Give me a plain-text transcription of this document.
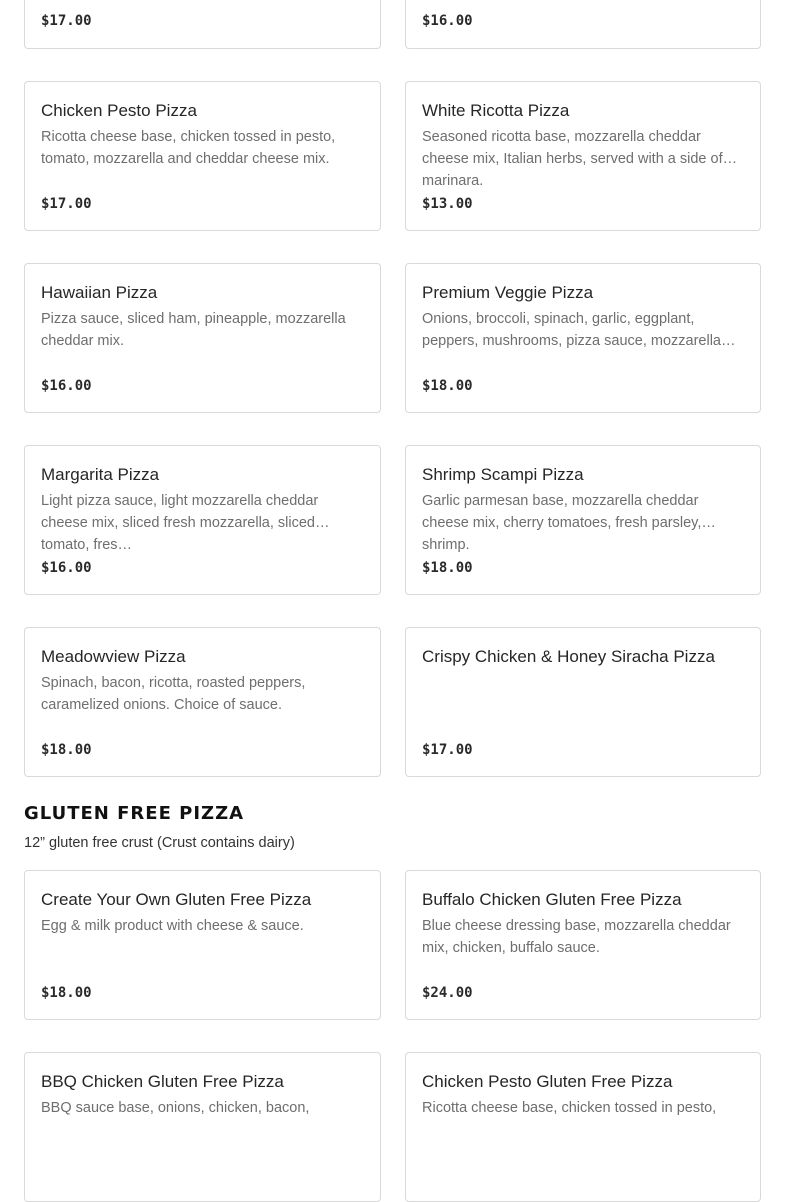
$17.00	$16.00
Chicken Pesto Pizza
Ricotta cheese base, chicken tossed in pesto, tomato, mozzarella and cheddar cheese mix.
$17.00
White Ricotta Pizza
Seasoned ricotta base, mozzarella cheddar cheese mix, Italian herbs, served with a side of marinara.
$13.00
Hawaiian Pizza
Pizza sauce, sliced ham, pineapple, mozzarella cheddar mix.
$16.00
Premium Veggie Pizza
Onions, broccoli, spinach, garlic, eggplant, peppers, mushrooms, pizza sauce, mozzarella…
$18.00
Margarita Pizza
Light pizza sauce, light mozzarella cheddar cheese mix, sliced fresh mozzarella, sliced tomato, fres…
$16.00
Shrimp Scampi Pizza
Garlic parmesan base, mozzarella cheddar cheese mix, cherry tomatoes, fresh parsley, shrimp.
$18.00
Meadowview Pizza
Spinach, bacon, ricotta, roasted peppers, caramelized onions. Choice of sauce.
$18.00
Crispy Chicken & Honey Siracha Pizza
$17.00
GLUTEN FREE PIZZA
12” gluten free crust (Crust contains dairy)
Create Your Own Gluten Free Pizza
Egg & milk product with cheese & sauce.
$18.00
Buffalo Chicken Gluten Free Pizza
Blue cheese dressing base, mozzarella cheddar mix, chicken, buffalo sauce.
$24.00
BBQ Chicken Gluten Free Pizza
BBQ sauce base, onions, chicken, bacon,
Chicken Pesto Gluten Free Pizza
Ricotta cheese base, chicken tossed in pesto,
